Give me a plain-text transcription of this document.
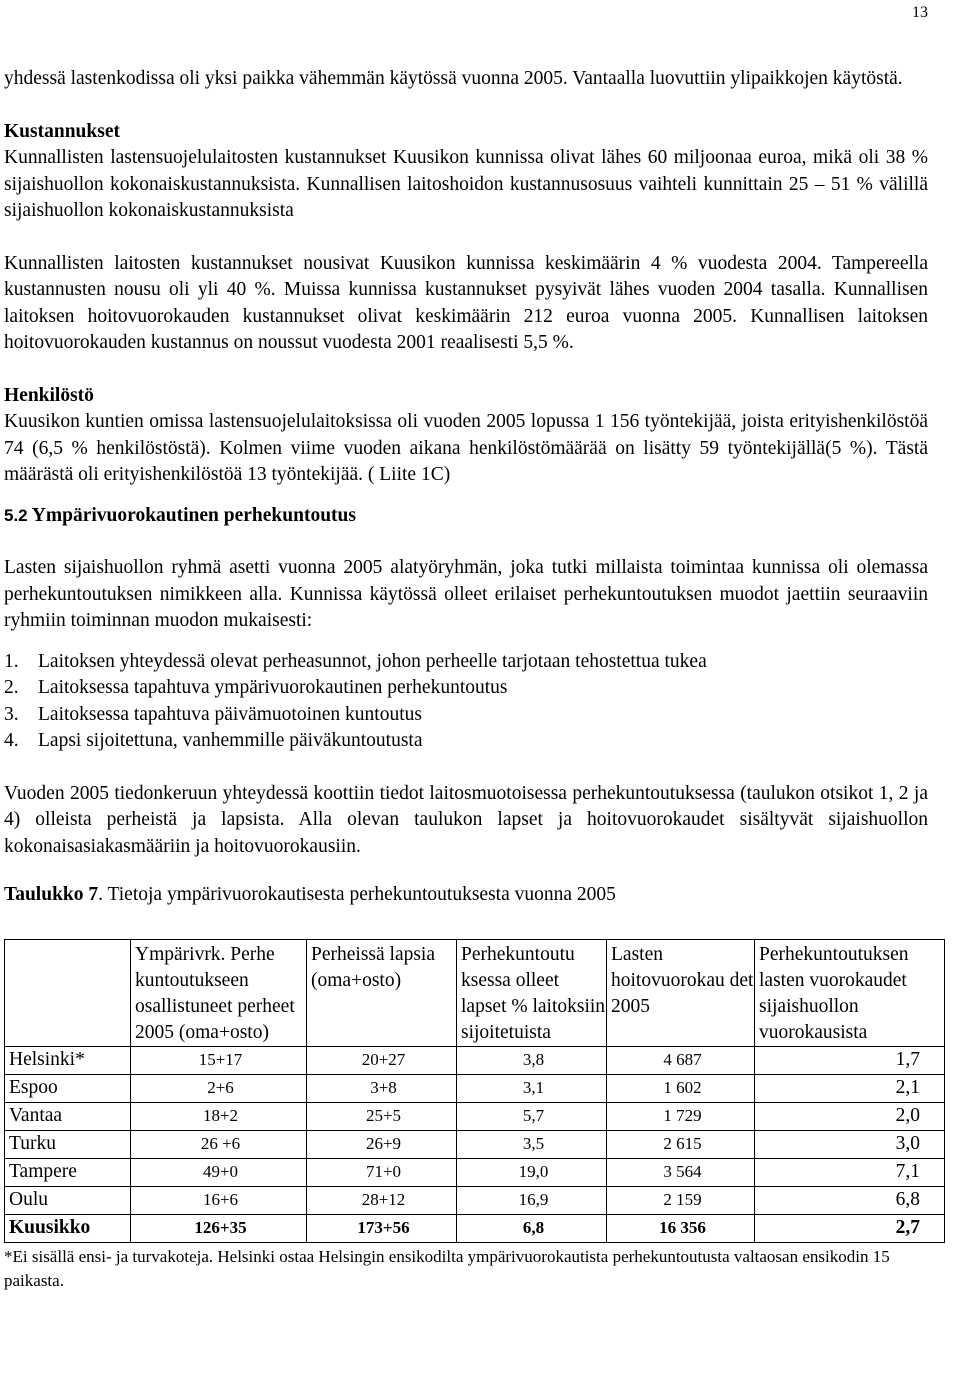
13

yhdessä lastenkodissa oli yksi paikka vähemmän käytössä vuonna 2005. Vantaalla luovuttiin ylipaikkojen käytöstä.

Kustannukset

Kunnallisten lastensuojelulaitosten kustannukset Kuusikon kunnissa olivat lähes 60 miljoonaa euroa, mikä oli 38 % sijaishuollon kokonaiskustannuksista. Kunnallisen laitoshoidon kustannusosuus vaihteli kunnittain 25 – 51 % välillä sijaishuollon kokonaiskustannuksista

Kunnallisten laitosten kustannukset nousivat Kuusikon kunnissa keskimäärin 4 % vuodesta 2004. Tampereella kustannusten nousu oli yli 40 %. Muissa kunnissa kustannukset pysyivät lähes vuoden 2004 tasalla. Kunnallisen laitoksen hoitovuorokauden kustannukset olivat keskimäärin 212 euroa vuonna 2005. Kunnallisen laitoksen hoitovuorokauden kustannus on noussut vuodesta 2001 reaalisesti 5,5 %.

Henkilöstö

Kuusikon kuntien omissa lastensuojelulaitoksissa oli vuoden 2005 lopussa 1 156 työntekijää, joista erityishenkilöstöä 74 (6,5 % henkilöstöstä). Kolmen viime vuoden aikana henkilöstömäärää on lisätty 59 työntekijällä(5 %). Tästä määrästä oli erityishenkilöstöä 13 työntekijää. ( Liite 1C)

5.2 Ympärivuorokautinen perhekuntoutus

Lasten sijaishuollon ryhmä asetti vuonna 2005 alatyöryhmän, joka tutki millaista toimintaa kunnissa oli olemassa perhekuntoutuksen nimikkeen alla. Kunnissa käytössä olleet erilaiset perhekuntoutuksen muodot jaettiin seuraaviin ryhmiin toiminnan muodon mukaisesti:

1. Laitoksen yhteydessä olevat perheasunnot, johon perheelle tarjotaan tehostettua tukea
2. Laitoksessa tapahtuva ympärivuorokautinen perhekuntoutus
3. Laitoksessa tapahtuva päivämuotoinen kuntoutus
4. Lapsi sijoitettuna, vanhemmille päiväkuntoutusta

Vuoden 2005 tiedonkeruun yhteydessä koottiin tiedot laitosmuotoisessa perhekuntoutuksessa (taulukon otsikot 1, 2 ja 4) olleista perheistä ja lapsista. Alla olevan taulukon lapset ja hoitovuorokaudet sisältyvät sijaishuollon kokonaisasiakasmääriin ja hoitovuorokausiin.

Taulukko 7. Tietoja ympärivuorokautisesta perhekuntoutuksesta vuonna 2005

	Ympärivrk. Perhe kuntoutukseen osallistuneet perheet 2005 (oma+osto)	Perheissä lapsia (oma+osto)	Perhekuntoutu ksessa olleet lapset % laitoksiin sijoitetuista	Lasten hoitovuorokau det 2005	Perhekuntoutuksen lasten vuorokaudet sijaishuollon vuorokausista
Helsinki*	15+17	20+27	3,8	4 687	1,7
Espoo	2+6	3+8	3,1	1 602	2,1
Vantaa	18+2	25+5	5,7	1 729	2,0
Turku	26 +6	26+9	3,5	2 615	3,0
Tampere	49+0	71+0	19,0	3 564	7,1
Oulu	16+6	28+12	16,9	2 159	6,8
Kuusikko	126+35	173+56	6,8	16 356	2,7

*Ei sisällä ensi- ja turvakoteja. Helsinki ostaa Helsingin ensikodilta ympärivuorokautista perhekuntoutusta valtaosan ensikodin 15 paikasta.
